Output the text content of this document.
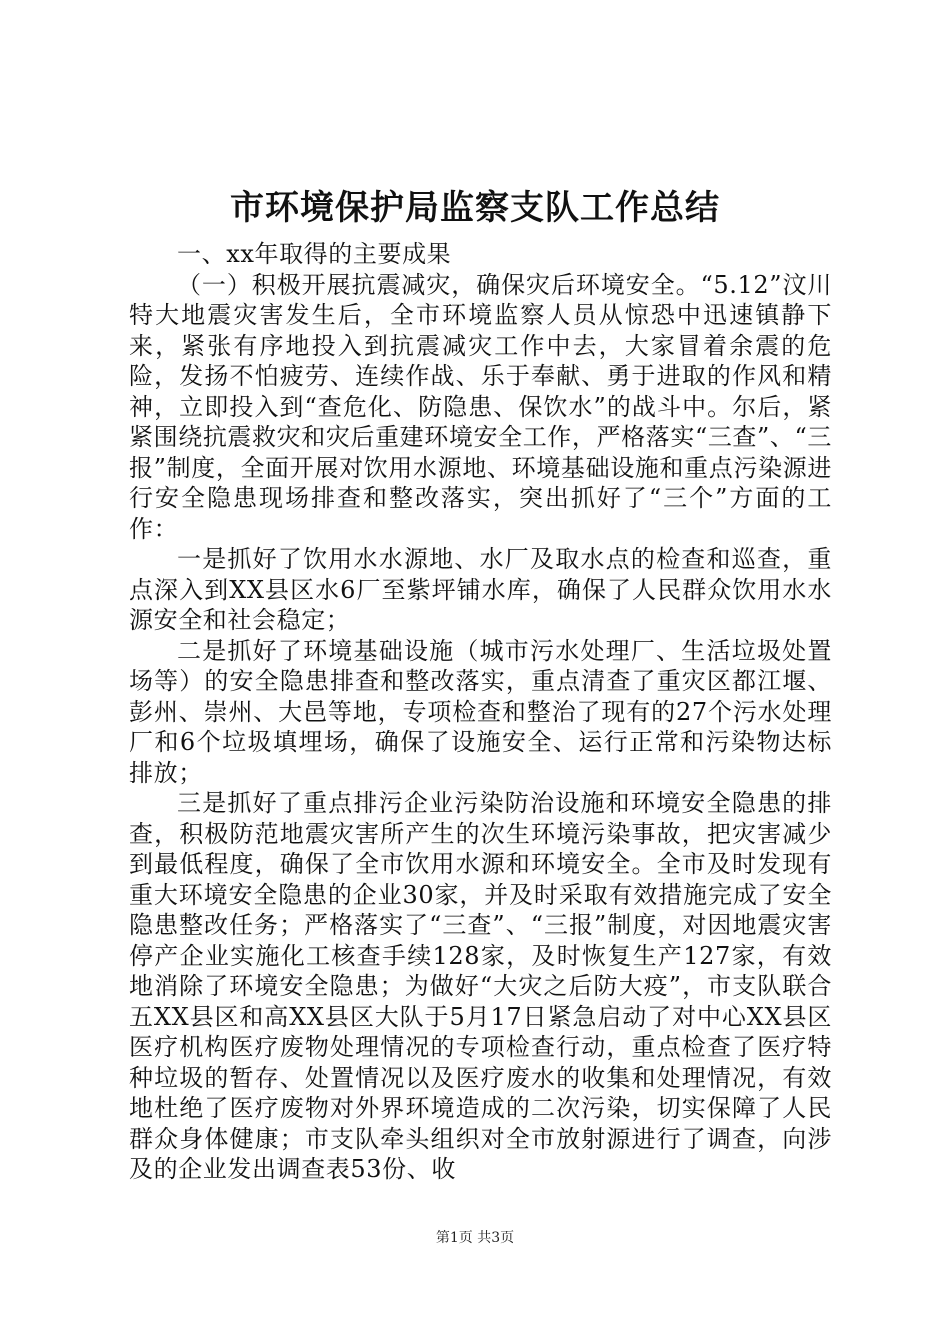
市环境保护局监察支队工作总结

一、xx年取得的主要成果

（一）积极开展抗震减灾，确保灾后环境安全。“5.12”汶川特大地震灾害发生后，全市环境监察人员从惊恐中迅速镇静下来，紧张有序地投入到抗震减灾工作中去，大家冒着余震的危险，发扬不怕疲劳、连续作战、乐于奉献、勇于进取的作风和精神，立即投入到“查危化、防隐患、保饮水”的战斗中。尔后，紧紧围绕抗震救灾和灾后重建环境安全工作，严格落实“三查”、“三报”制度，全面开展对饮用水源地、环境基础设施和重点污染源进行安全隐患现场排查和整改落实，突出抓好了“三个”方面的工作：

一是抓好了饮用水水源地、水厂及取水点的检查和巡查，重点深入到XX县区水6厂至紫坪铺水库，确保了人民群众饮用水水源安全和社会稳定；

二是抓好了环境基础设施（城市污水处理厂、生活垃圾处置场等）的安全隐患排查和整改落实，重点清查了重灾区都江堰、彭州、崇州、大邑等地，专项检查和整治了现有的27个污水处理厂和6个垃圾填埋场，确保了设施安全、运行正常和污染物达标排放；

三是抓好了重点排污企业污染防治设施和环境安全隐患的排查，积极防范地震灾害所产生的次生环境污染事故，把灾害减少到最低程度，确保了全市饮用水源和环境安全。全市及时发现有重大环境安全隐患的企业30家，并及时采取有效措施完成了安全隐患整改任务；严格落实了“三查”、“三报”制度，对因地震灾害停产企业实施化工核查手续128家，及时恢复生产127家，有效地消除了环境安全隐患；为做好“大灾之后防大疫”，市支队联合五XX县区和高XX县区大队于5月17日紧急启动了对中心XX县区医疗机构医疗废物处理情况的专项检查行动，重点检查了医疗特种垃圾的暂存、处置情况以及医疗废水的收集和处理情况，有效地杜绝了医疗废物对外界环境造成的二次污染，切实保障了人民群众身体健康；市支队牵头组织对全市放射源进行了调查，向涉及的企业发出调查表53份、收

第1页 共3页
